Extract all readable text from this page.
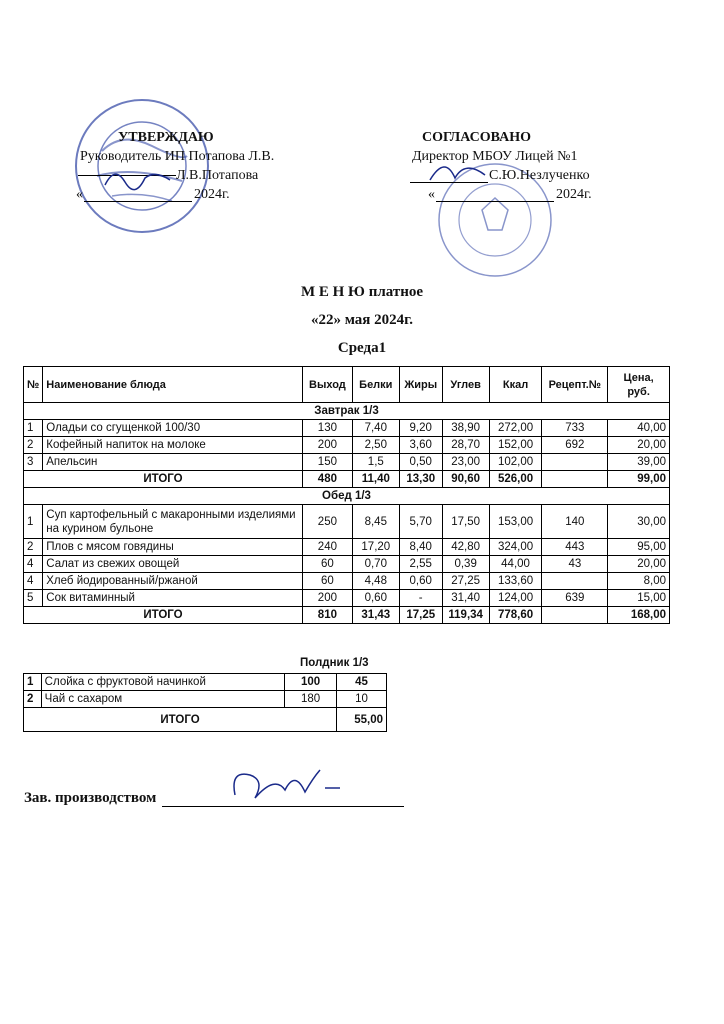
УТВЕРЖДАЮ
Руководитель ИП Потапова Л.В.
Л.В.Потапова
«	2024г.
СОГЛАСОВАНО
Директор МБОУ Лицей №1
С.Ю.Незлученко
«	2024г.
М Е Н Ю платное
«22» мая 2024г.
Среда1
№	Наименование блюда	Выход	Белки	Жиры	Углев	Ккал	Рецепт.№	Цена, руб.
Завтрак 1/3								
1	Оладьи со сгущенкой 100/30	130	7,40	9,20	38,90	272,00	733	40,00
2	Кофейный напиток на молоке	200	2,50	3,60	28,70	152,00	692	20,00
3	Апельсин	150	1,5	0,50	23,00	102,00		39,00
ИТОГО		480	11,40	13,30	90,60	526,00		99,00
Обед 1/3								
1	Суп картофельный с макаронными изделиями на курином бульоне	250	8,45	5,70	17,50	153,00	140	30,00
2	Плов с мясом говядины	240	17,20	8,40	42,80	324,00	443	95,00
4	Салат из свежих овощей	60	0,70	2,55	0,39	44,00	43	20,00
4	Хлеб йодированный/ржаной	60	4,48	0,60	27,25	133,60		8,00
5	Сок витаминный	200	0,60	-	31,40	124,00	639	15,00
ИТОГО		810	31,43	17,25	119,34	778,60		168,00
Полдник 1/3
1	Слойка с фруктовой начинкой	100	45
2	Чай с сахаром	180	10
ИТОГО			55,00
Зав. производством
